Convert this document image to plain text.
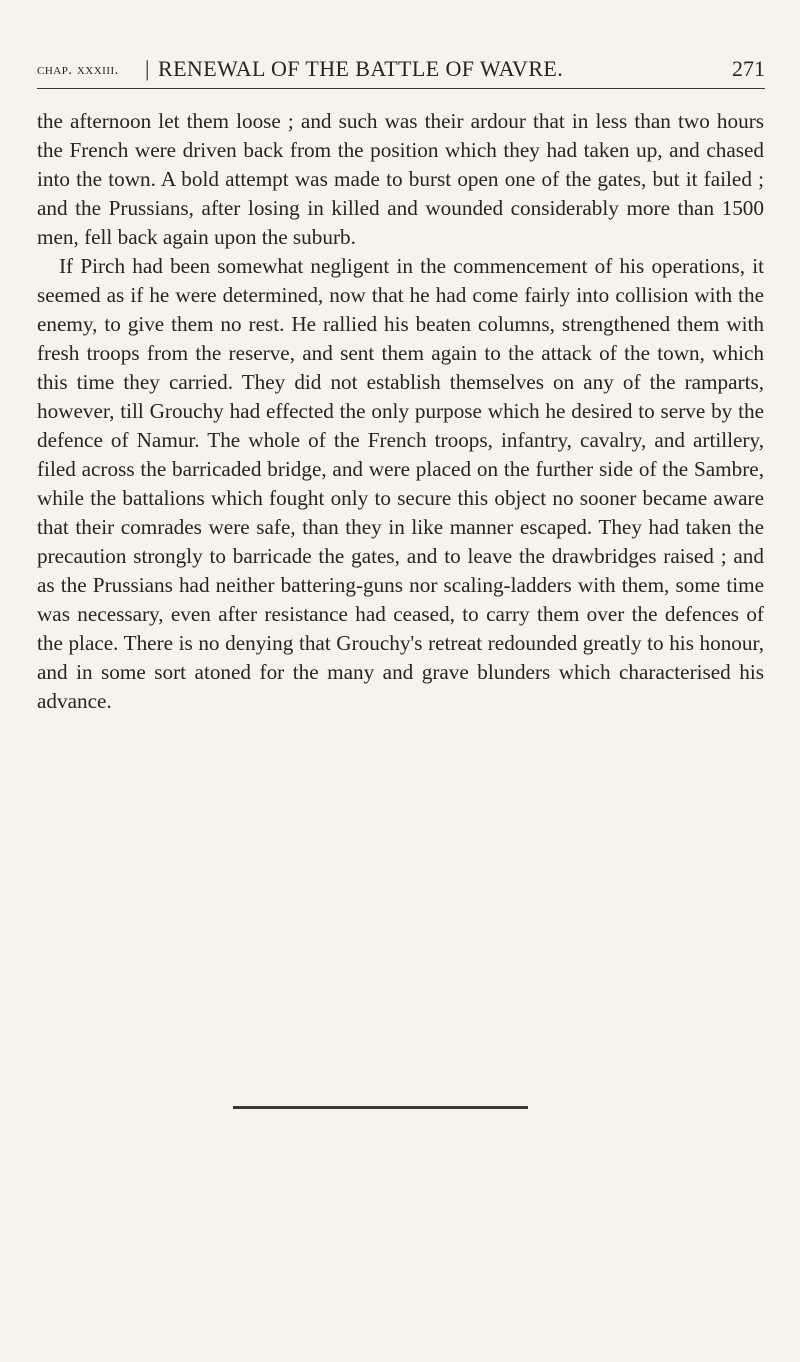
chap. xxxiii. | RENEWAL OF THE BATTLE OF WAVRE.	271

the afternoon let them loose ; and such was their ardour that in less than two hours the French were driven back from the position which they had taken up, and chased into the town. A bold attempt was made to burst open one of the gates, but it failed ; and the Prussians, after losing in killed and wounded considerably more than 1500 men, fell back again upon the suburb.

If Pirch had been somewhat negligent in the commencement of his operations, it seemed as if he were determined, now that he had come fairly into collision with the enemy, to give them no rest. He rallied his beaten columns, strengthened them with fresh troops from the reserve, and sent them again to the attack of the town, which this time they carried. They did not establish themselves on any of the ramparts, however, till Grouchy had effected the only purpose which he desired to serve by the defence of Namur. The whole of the French troops, infantry, cavalry, and artillery, filed across the barricaded bridge, and were placed on the further side of the Sambre, while the battalions which fought only to secure this object no sooner became aware that their comrades were safe, than they in like manner escaped. They had taken the precaution strongly to barricade the gates, and to leave the drawbridges raised ; and as the Prussians had neither battering-guns nor scaling-ladders with them, some time was necessary, even after resistance had ceased, to carry them over the defences of the place. There is no denying that Grouchy's retreat redounded greatly to his honour, and in some sort atoned for the many and grave blunders which characterised his advance.
